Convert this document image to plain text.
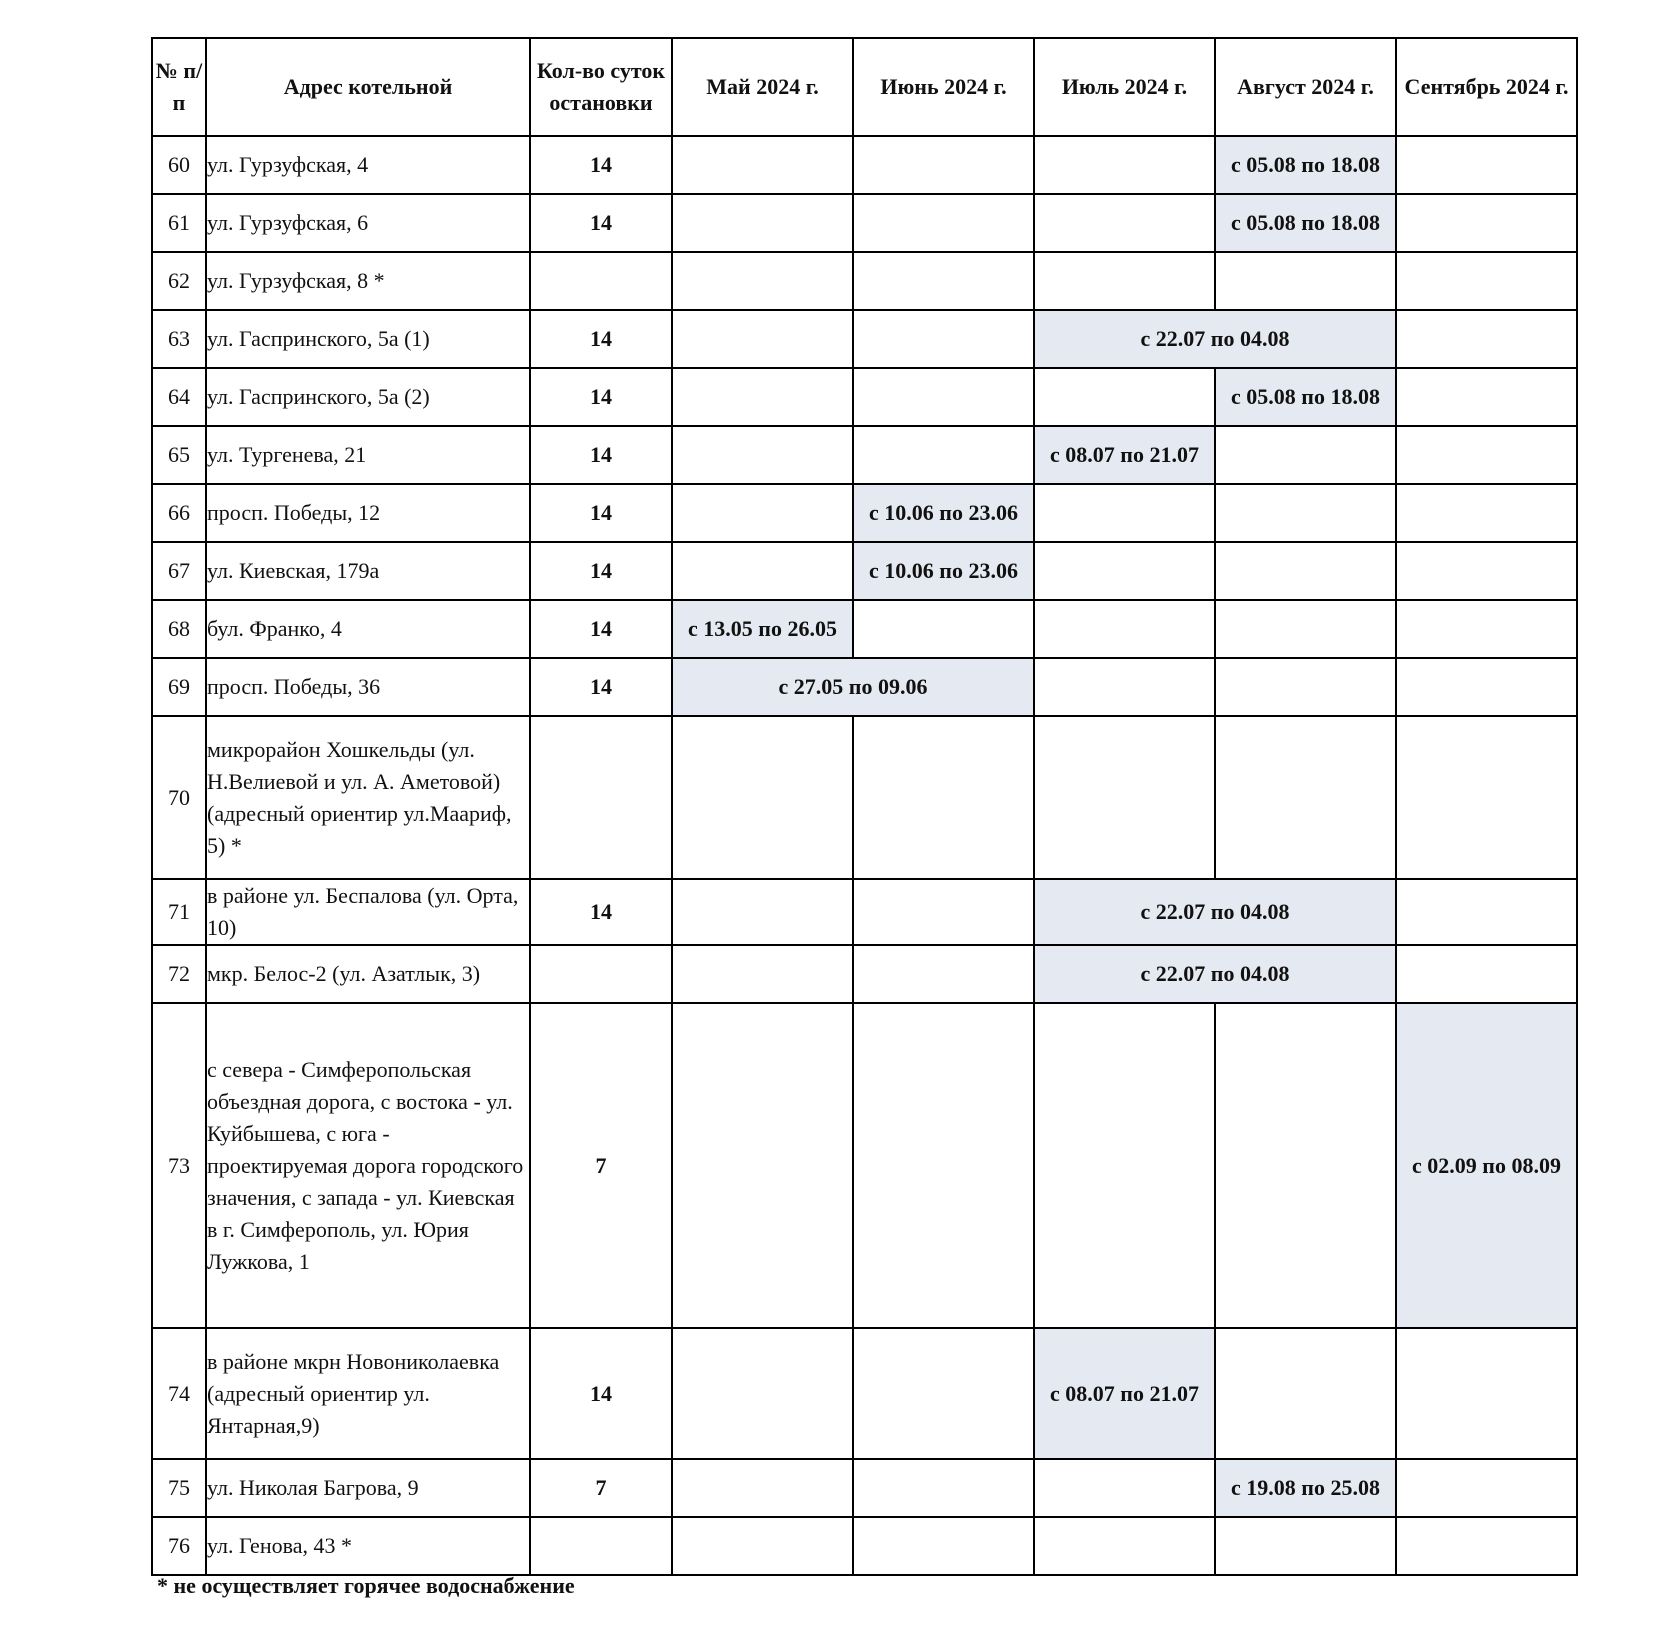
№ п/п	Адрес котельной	Кол-во суток остановки	Май 2024 г.	Июнь 2024 г.	Июль 2024 г.	Август 2024 г.	Сентябрь 2024 г.
60	ул. Гурзуфская, 4	14				с 05.08 по 18.08	
61	ул. Гурзуфская, 6	14				с 05.08 по 18.08	
62	ул. Гурзуфская, 8 *						
63	ул. Гаспринского, 5а (1)	14			с 22.07 по 04.08		
64	ул. Гаспринского, 5а (2)	14				с 05.08 по 18.08	
65	ул. Тургенева, 21	14			с 08.07 по 21.07		
66	просп. Победы, 12	14		с 10.06 по 23.06			
67	ул. Киевская, 179а	14		с 10.06 по 23.06			
68	бул. Франко, 4	14	с 13.05 по 26.05				
69	просп. Победы, 36	14	с 27.05 по 09.06				
70	микрорайон Хошкельды (ул. Н.Велиевой и ул. А. Аметовой) (адресный ориентир ул.Маариф, 5) *						
71	в районе ул. Беспалова (ул. Орта, 10)	14			с 22.07 по 04.08		
72	мкр. Белос-2 (ул. Азатлык, 3)				с 22.07 по 04.08		
73	с севера - Симферопольская объездная дорога, с востока - ул. Куйбышева, с юга - проектируемая дорога городского значения, с запада - ул. Киевская в г. Симферополь, ул. Юрия Лужкова, 1	7					с 02.09 по 08.09
74	в районе мкрн Новониколаевка (адресный ориентир ул. Янтарная,9)	14			с 08.07 по 21.07		
75	ул. Николая Багрова, 9	7				с 19.08 по 25.08	
76	ул. Генова, 43 *						
* не осуществляет горячее водоснабжение
